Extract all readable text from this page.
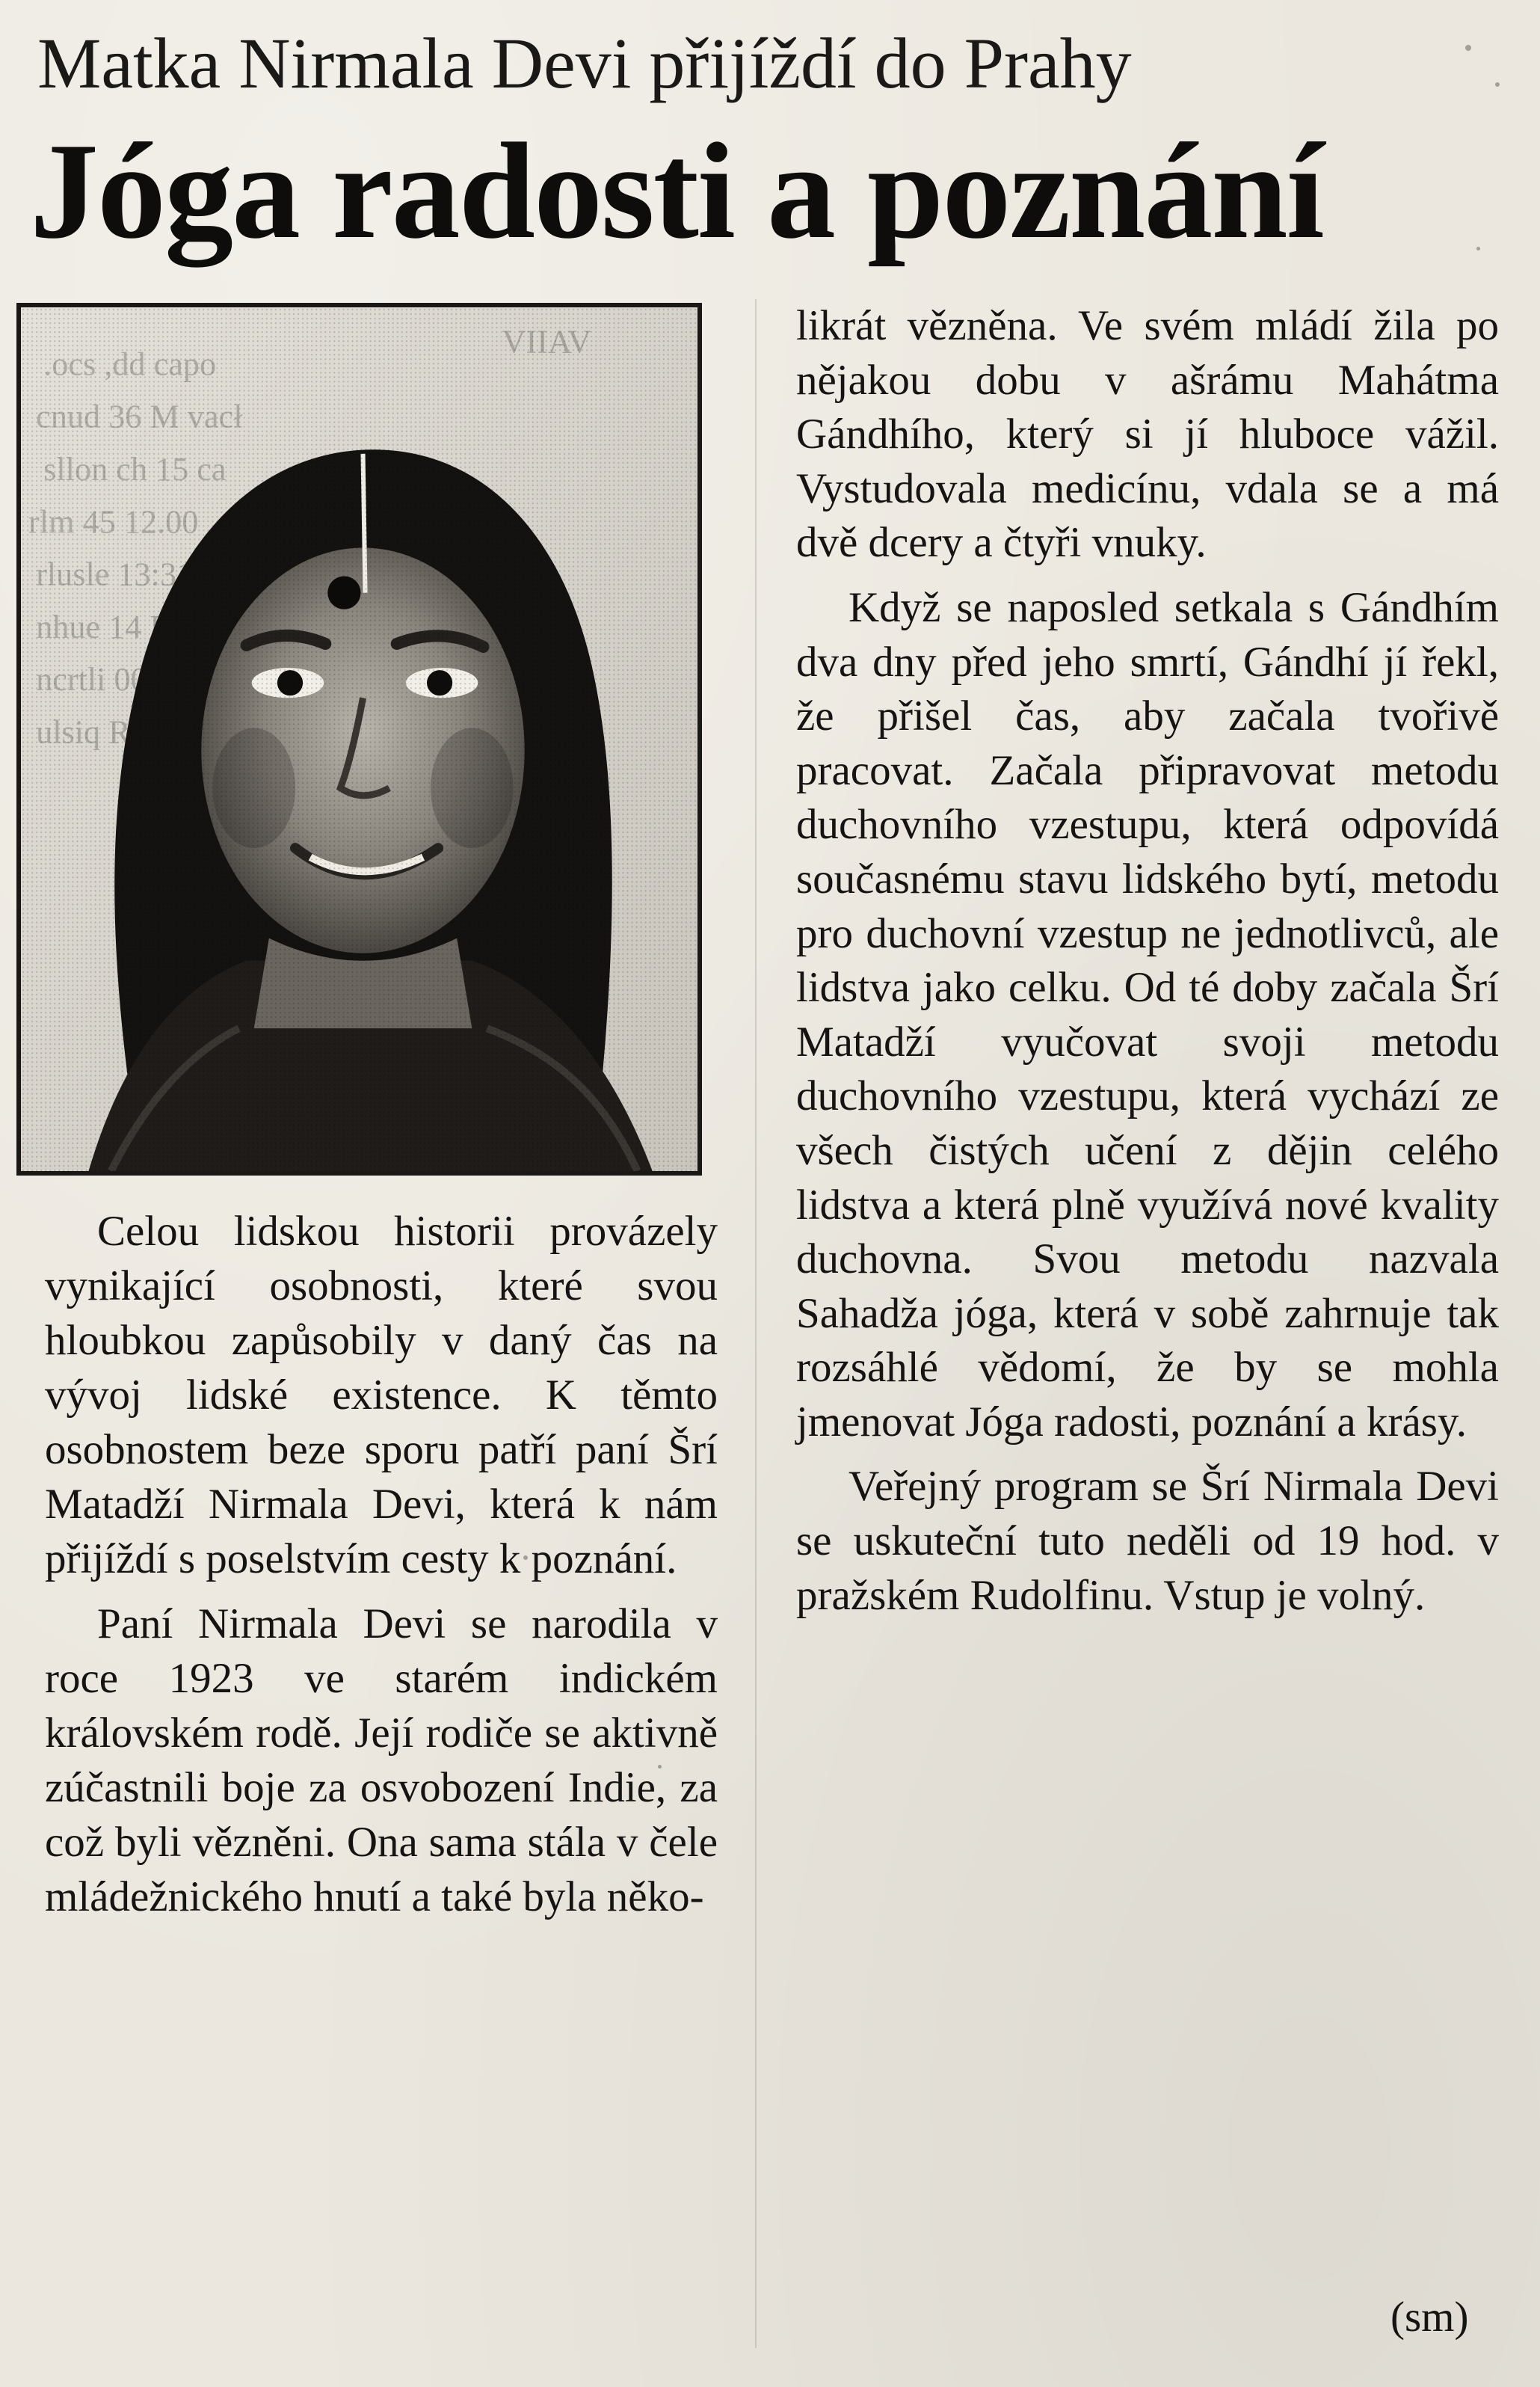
Matka Nirmala Devi přijíždí do Prahy
Jóga radosti a poznání

Celou lidskou historii provázely vynikající osobnosti, které svou hloubkou zapůsobily v daný čas na vývoj lidské existence. K těmto osobnostem beze sporu patří paní Šrí Matadží Nirmala Devi, která k nám přijíždí s poselstvím cesty k poznání.

Paní Nirmala Devi se narodila v roce 1923 ve starém indickém královském rodě. Její rodiče se aktivně zúčastnili boje za osvobození Indie, za což byli vězněni. Ona sama stála v čele mládežnického hnutí a také byla něko-

likrát vězněna. Ve svém mládí žila po nějakou dobu v ašrámu Mahátma Gándhího, který si jí hluboce vážil. Vystudovala medicínu, vdala se a má dvě dcery a čtyři vnuky.

Když se naposled setkala s Gándhím dva dny před jeho smrtí, Gándhí jí řekl, že přišel čas, aby začala tvořivě pracovat. Začala připravovat metodu duchovního vzestupu, která odpovídá současnému stavu lidského bytí, metodu pro duchovní vzestup ne jednotlivců, ale lidstva jako celku. Od té doby začala Šrí Matadží vyučovat svoji metodu duchovního vzestupu, která vychází ze všech čistých učení z dějin celého lidstva a která plně využívá nové kvality duchovna. Svou metodu nazvala Sahadža jóga, která v sobě zahrnuje tak rozsáhlé vědomí, že by se mohla jmenovat Jóga radosti, poznání a krásy.

Veřejný program se Šrí Nirmala Devi se uskuteční tuto neděli od 19 hod. v pražském Rudolfinu. Vstup je volný.

(sm)
